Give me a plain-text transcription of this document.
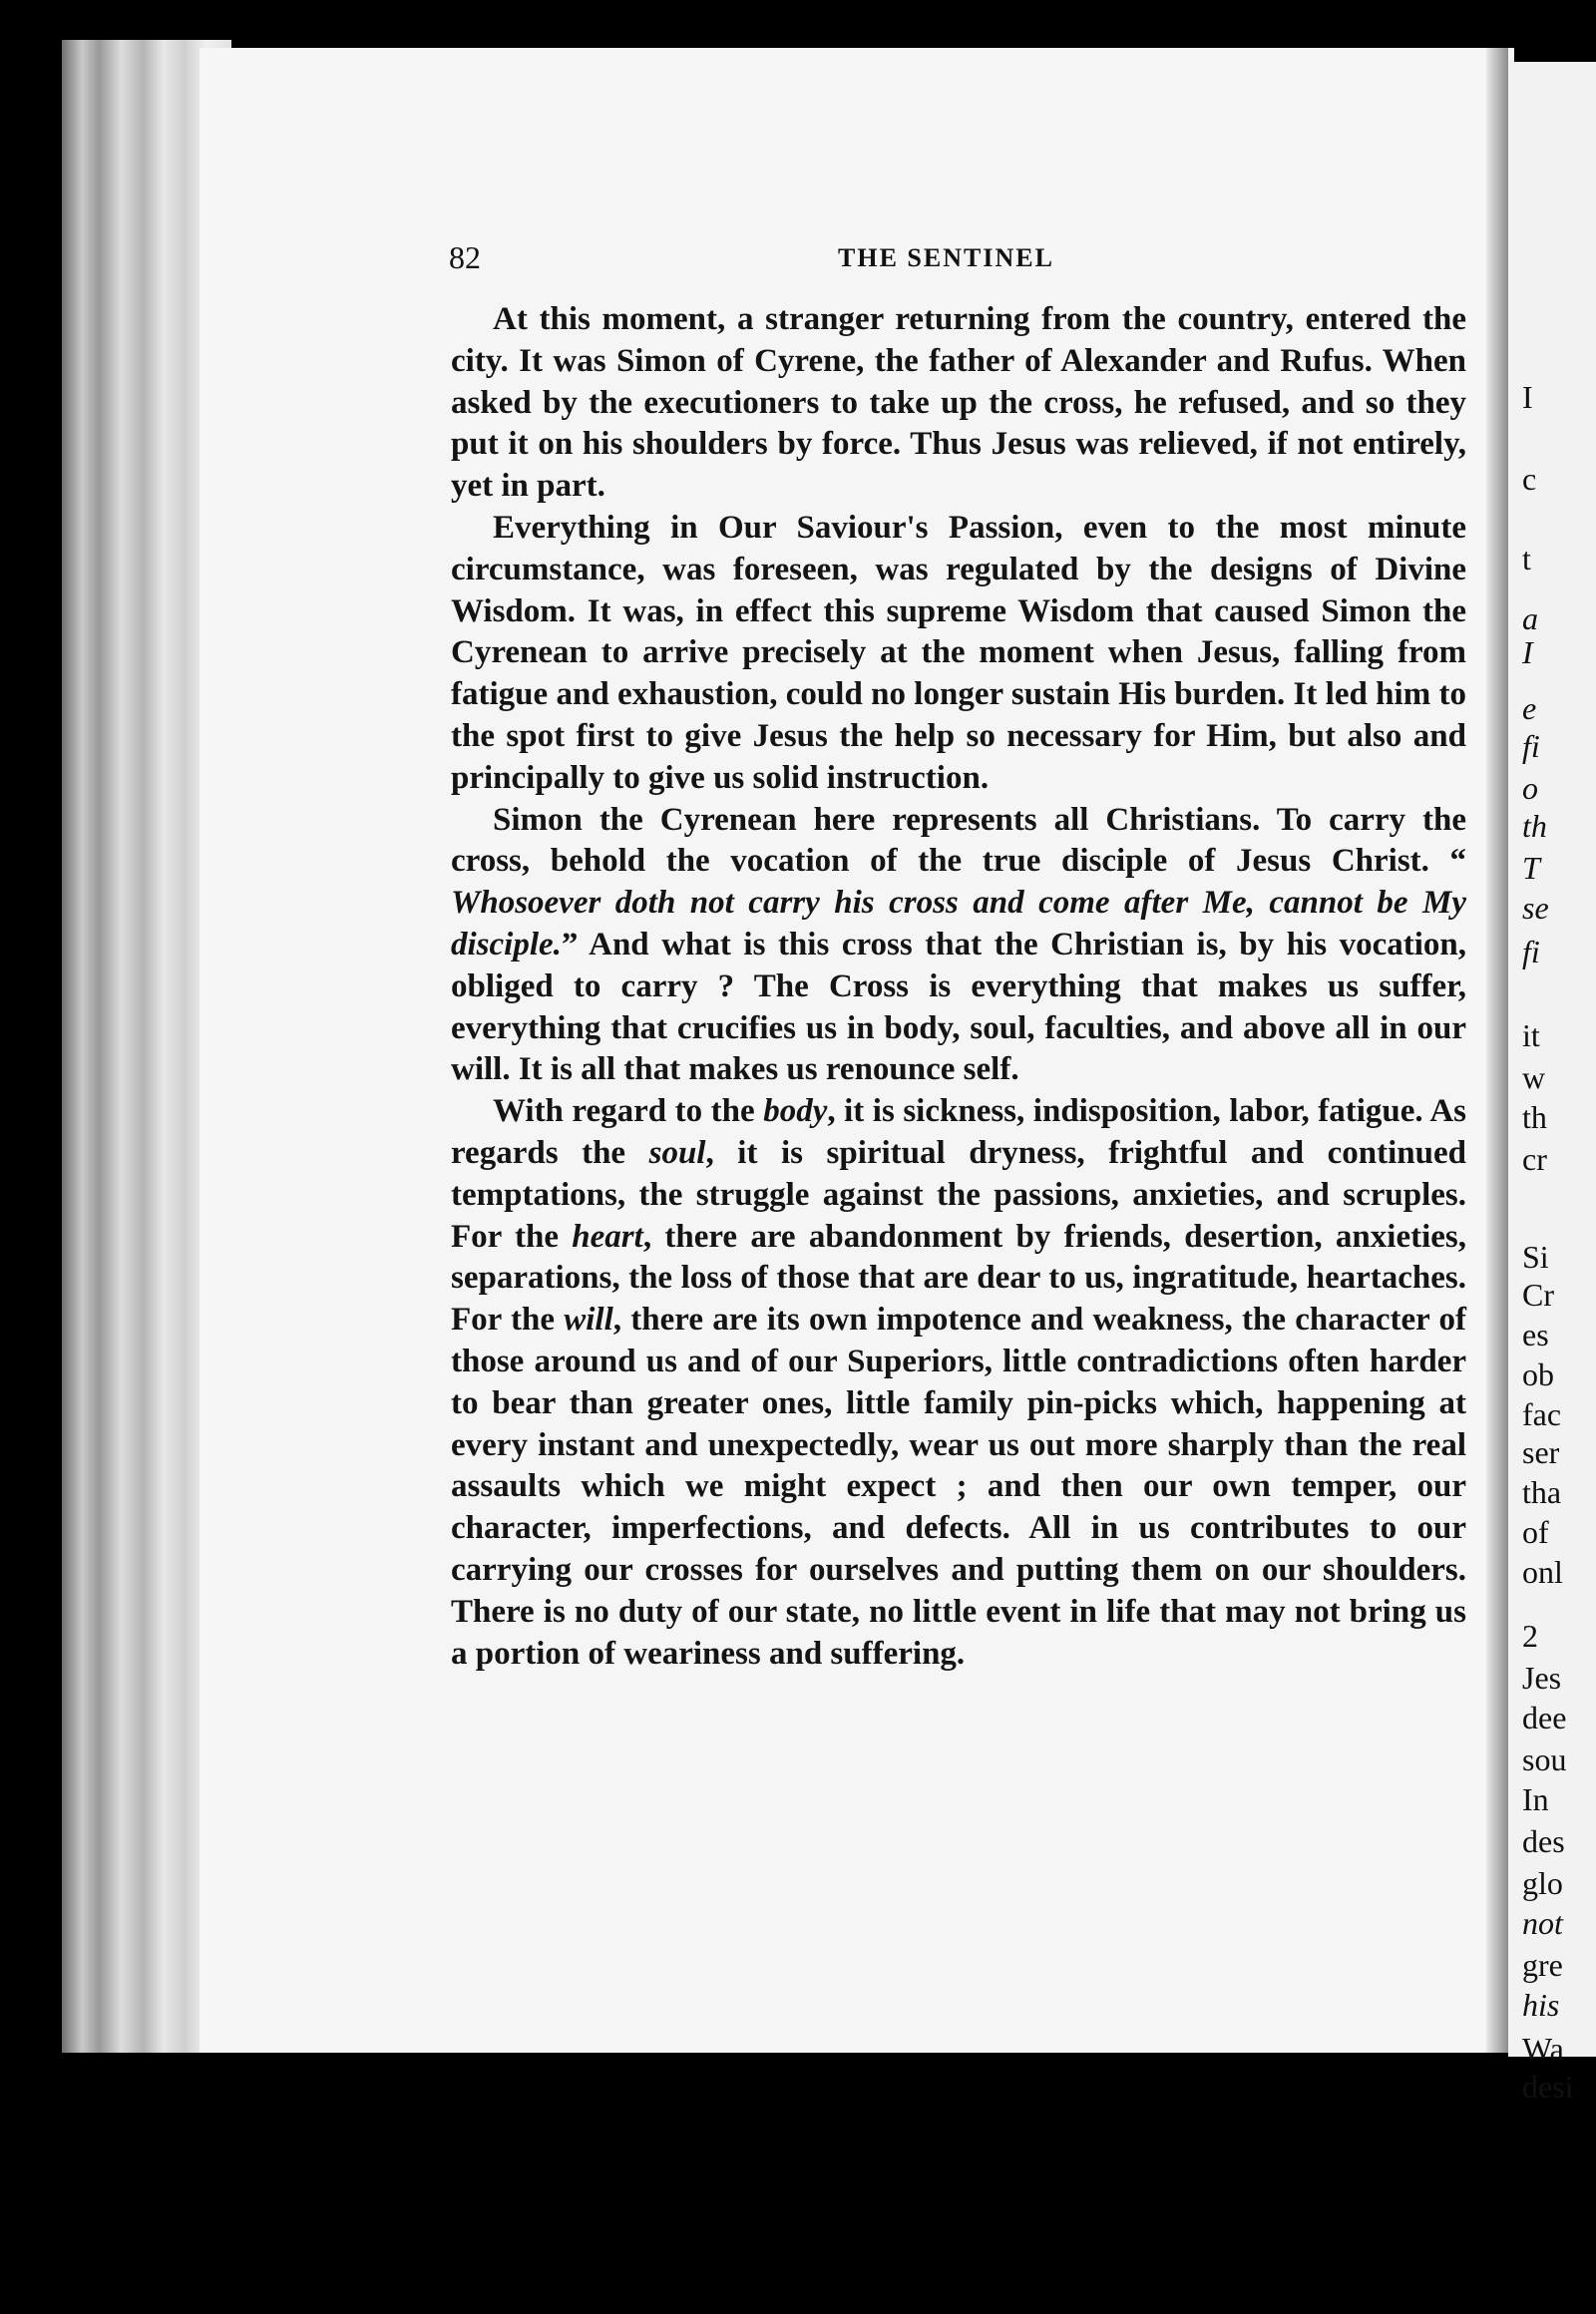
I
c
t
a
I
e
fi
o
th
T
se
fi
it
w
th
cr
Si
Cr
es
ob
fac
ser
tha
of
onl
2
Jes
dee
sou
In
des
glo
not
gre
his
Wa
desi
82	THE SENTINEL

At this moment, a stranger returning from the country, entered the city. It was Simon of Cyrene, the father of Alexander and Rufus. When asked by the executioners to take up the cross, he refused, and so they put it on his shoulders by force. Thus Jesus was relieved, if not entirely, yet in part.

Everything in Our Saviour's Passion, even to the most minute circumstance, was foreseen, was regulated by the designs of Divine Wisdom. It was, in effect this supreme Wisdom that caused Simon the Cyrenean to arrive precisely at the moment when Jesus, falling from fatigue and exhaustion, could no longer sustain His burden. It led him to the spot first to give Jesus the help so necessary for Him, but also and principally to give us solid instruction.

Simon the Cyrenean here represents all Christians. To carry the cross, behold the vocation of the true disciple of Jesus Christ. “ Whosoever doth not carry his cross and come after Me, cannot be My disciple.” And what is this cross that the Christian is, by his vocation, obliged to carry ? The Cross is everything that makes us suffer, everything that crucifies us in body, soul, faculties, and above all in our will. It is all that makes us renounce self.

With regard to the body, it is sickness, indisposition, labor, fatigue. As regards the soul, it is spiritual dryness, frightful and continued temptations, the struggle against the passions, anxieties, and scruples. For the heart, there are abandonment by friends, desertion, anxieties, separations, the loss of those that are dear to us, ingratitude, heartaches. For the will, there are its own impotence and weakness, the character of those around us and of our Superiors, little contradictions often harder to bear than greater ones, little family pin-picks which, happening at every instant and unexpectedly, wear us out more sharply than the real assaults which we might expect ; and then our own temper, our character, imperfections, and defects. All in us contributes to our carrying our crosses for ourselves and putting them on our shoulders. There is no duty of our state, no little event in life that may not bring us a portion of weariness and suffering.
